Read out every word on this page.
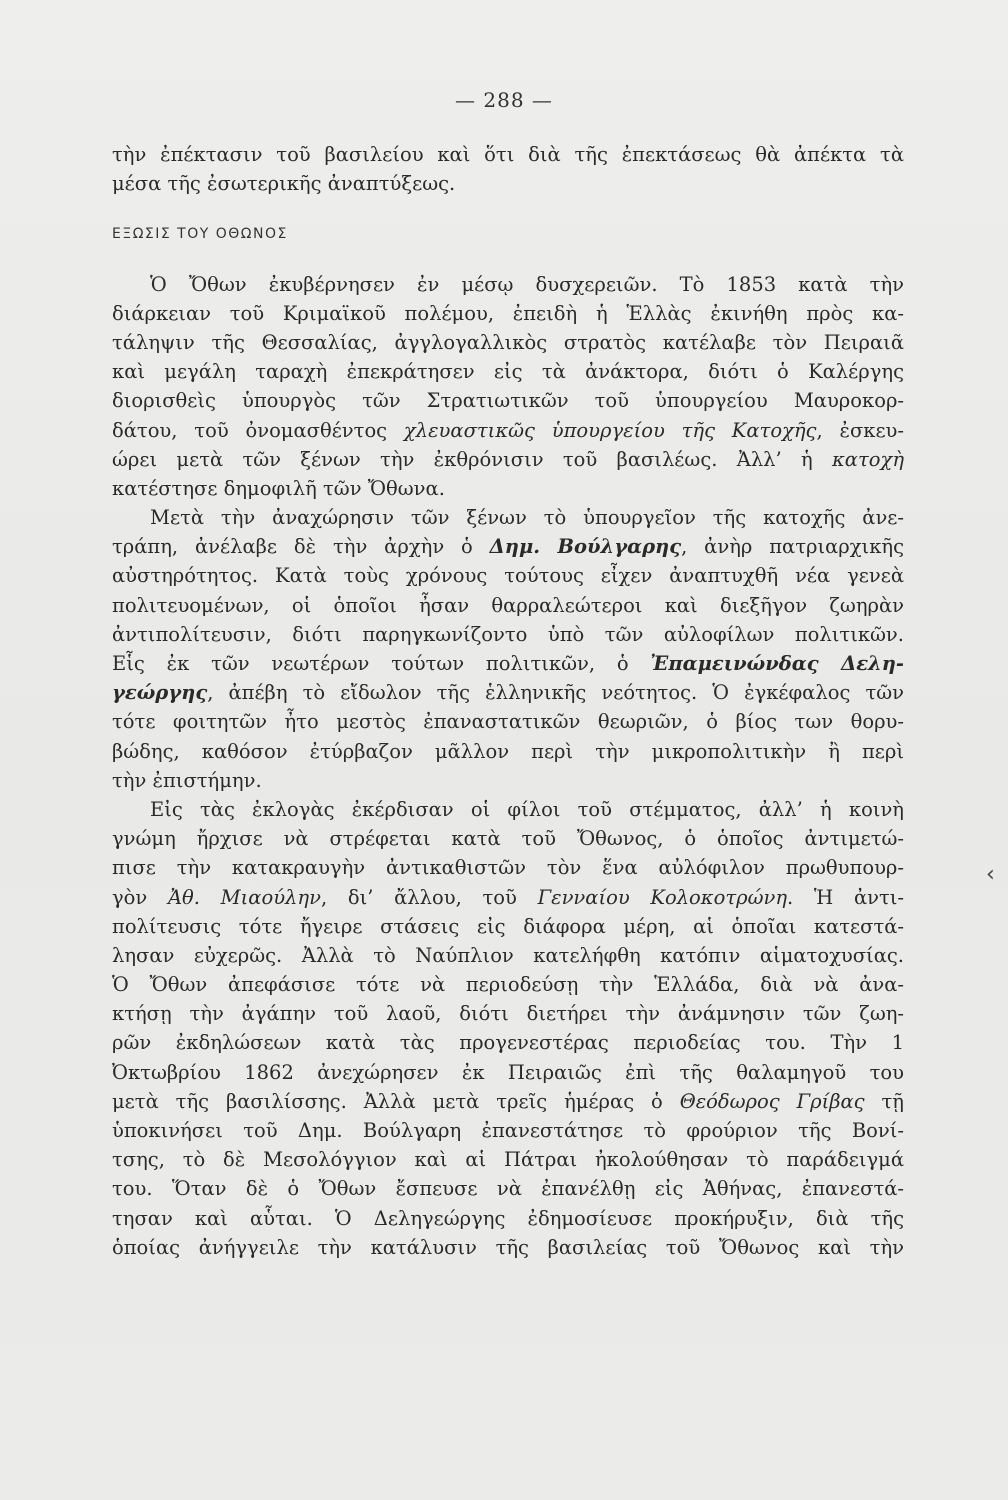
— 288 —
τὴν ἐπέκτασιν τοῦ βασιλείου καὶ ὅτι διὰ τῆς ἐπεκτάσεως θὰ ἀπέκτα τὰ
μέσα τῆς ἐσωτερικῆς ἀναπτύξεως.
ΕΞΩΣΙΣ ΤΟΥ ΟΘΩΝΟΣ
Ὁ Ὄθων ἐκυβέρνησεν ἐν μέσῳ δυσχερειῶν. Τὸ 1853 κατὰ τὴν
διάρκειαν τοῦ Κριμαϊκοῦ πολέμου, ἐπειδὴ ἡ Ἑλλὰς ἐκινήθη πρὸς κα-
τάληψιν τῆς Θεσσαλίας, ἀγγλογαλλικὸς στρατὸς κατέλαβε τὸν Πειραιᾶ
καὶ μεγάλη ταραχὴ ἐπεκράτησεν εἰς τὰ ἀνάκτορα, διότι ὁ Καλέργης
διορισθεὶς ὑπουργὸς τῶν Στρατιωτικῶν τοῦ ὑπουργείου Μαυροκορ-
δάτου, τοῦ ὀνομασθέντος χλευαστικῶς ὑπουργείου τῆς Κατοχῆς, ἐσκευ-
ώρει μετὰ τῶν ξένων τὴν ἐκθρόνισιν τοῦ βασιλέως. Ἀλλ’ ἡ κατοχὴ
κατέστησε δημοφιλῆ τῶν Ὄθωνα.
Μετὰ τὴν ἀναχώρησιν τῶν ξένων τὸ ὑπουργεῖον τῆς κατοχῆς ἀνε-
τράπη, ἀνέλαβε δὲ τὴν ἀρχὴν ὁ Δημ. Βούλγαρης, ἀνὴρ πατριαρχικῆς
αὐστηρότητος. Κατὰ τοὺς χρόνους τούτους εἶχεν ἀναπτυχθῆ νέα γενεὰ
πολιτευομένων, οἱ ὁποῖοι ἦσαν θαρραλεώτεροι καὶ διεξῆγον ζωηρὰν
ἀντιπολίτευσιν, διότι παρηγκωνίζοντο ὑπὸ τῶν αὐλοφίλων πολιτικῶν.
Εἷς ἐκ τῶν νεωτέρων τούτων πολιτικῶν, ὁ Ἐπαμεινώνδας Δελη-
γεώργης, ἀπέβη τὸ εἴδωλον τῆς ἑλληνικῆς νεότητος. Ὁ ἐγκέφαλος τῶν
τότε φοιτητῶν ἦτο μεστὸς ἐπαναστατικῶν θεωριῶν, ὁ βίος των θορυ-
βώδης, καθόσον ἐτύρβαζον μᾶλλον περὶ τὴν μικροπολιτικὴν ἢ περὶ
τὴν ἐπιστήμην.
Εἰς τὰς ἐκλογὰς ἐκέρδισαν οἱ φίλοι τοῦ στέμματος, ἀλλ’ ἡ κοινὴ
γνώμη ἤρχισε νὰ στρέφεται κατὰ τοῦ Ὄθωνος, ὁ ὁποῖος ἀντιμετώ-
πισε τὴν κατακραυγὴν ἀντικαθιστῶν τὸν ἕνα αὐλόφιλον πρωθυπουρ-
γὸν Ἀθ. Μιαούλην, δι’ ἄλλου, τοῦ Γενναίου Κολοκοτρώνη. Ἡ ἀντι-
πολίτευσις τότε ἤγειρε στάσεις εἰς διάφορα μέρη, αἱ ὁποῖαι κατεστά-
λησαν εὐχερῶς. Ἀλλὰ τὸ Ναύπλιον κατελήφθη κατόπιν αἱματοχυσίας.
Ὁ Ὄθων ἀπεφάσισε τότε νὰ περιοδεύσῃ τὴν Ἑλλάδα, διὰ νὰ ἀνα-
κτήσῃ τὴν ἀγάπην τοῦ λαοῦ, διότι διετήρει τὴν ἀνάμνησιν τῶν ζωη-
ρῶν ἐκδηλώσεων κατὰ τὰς προγενεστέρας περιοδείας του. Τὴν 1
Ὀκτωβρίου 1862 ἀνεχώρησεν ἐκ Πειραιῶς ἐπὶ τῆς θαλαμηγοῦ του
μετὰ τῆς βασιλίσσης. Ἀλλὰ μετὰ τρεῖς ἡμέρας ὁ Θεόδωρος Γρίβας τῇ
ὑποκινήσει τοῦ Δημ. Βούλγαρη ἐπανεστάτησε τὸ φρούριον τῆς Βονί-
τσης, τὸ δὲ Μεσολόγγιον καὶ αἱ Πάτραι ἠκολούθησαν τὸ παράδειγμά
του. Ὅταν δὲ ὁ Ὄθων ἔσπευσε νὰ ἐπανέλθῃ εἰς Ἀθήνας, ἐπανεστά-
τησαν καὶ αὗται. Ὁ Δεληγεώργης ἐδημοσίευσε προκήρυξιν, διὰ τῆς
ὁποίας ἀνήγγειλε τὴν κατάλυσιν τῆς βασιλείας τοῦ Ὄθωνος καὶ τὴν
‹
